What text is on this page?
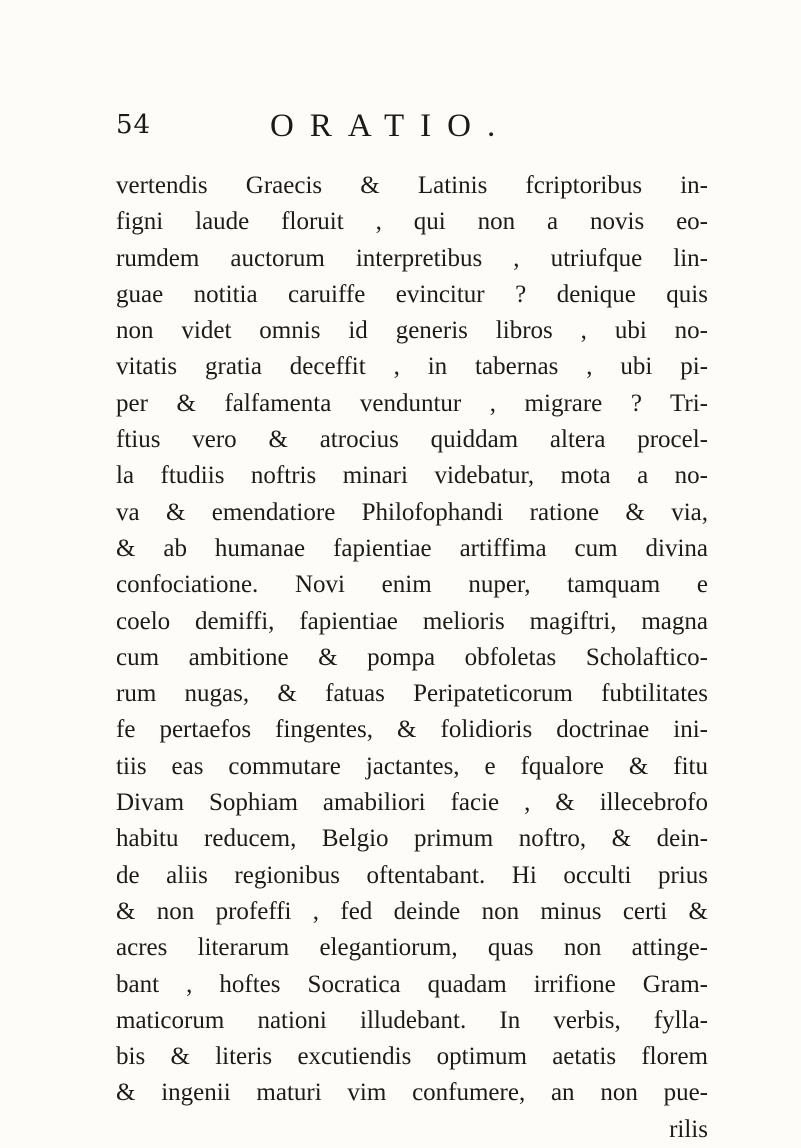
54	ORATIO.
vertendis Graecis & Latinis fcriptoribus in-
figni laude floruit , qui non a novis eo-
rumdem auctorum interpretibus , utriufque lin-
guae notitia caruiffe evincitur ? denique quis
non videt omnis id generis libros , ubi no-
vitatis gratia deceffit , in tabernas , ubi pi-
per & falfamenta venduntur , migrare ? Tri-
ftius vero & atrocius quiddam altera procel-
la ftudiis noftris minari videbatur, mota a no-
va & emendatiore Philofophandi ratione & via,
& ab humanae fapientiae artiffima cum divina
confociatione. Novi enim nuper, tamquam e
coelo demiffi, fapientiae melioris magiftri, magna
cum ambitione & pompa obfoletas Scholaftico-
rum nugas, & fatuas Peripateticorum fubtilitates
fe pertaefos fingentes, & folidioris doctrinae ini-
tiis eas commutare jactantes, e fqualore & fitu
Divam Sophiam amabiliori facie , & illecebrofo
habitu reducem, Belgio primum noftro, & dein-
de aliis regionibus oftentabant. Hi occulti prius
& non profeffi , fed deinde non minus certi &
acres literarum elegantiorum, quas non attinge-
bant , hoftes Socratica quadam irrifione Gram-
maticorum nationi illudebant. In verbis, fylla-
bis & literis excutiendis optimum aetatis florem
& ingenii maturi vim confumere, an non pue-
rilis
